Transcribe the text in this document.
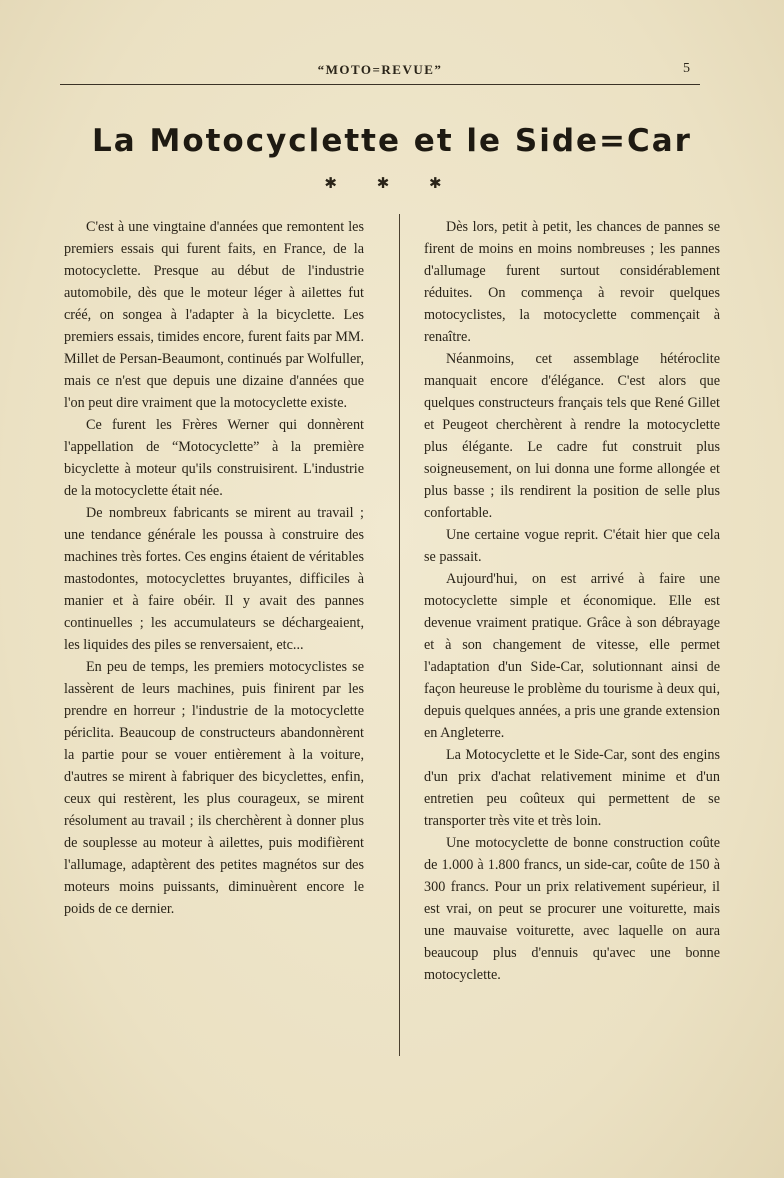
“MOTO=REVUE”	5
La Motocyclette et le Side=Car
✱ ✱ ✱

C'est à une vingtaine d'années que remontent les premiers essais qui furent faits, en France, de la motocyclette. Presque au début de l'industrie automobile, dès que le moteur léger à ailettes fut créé, on songea à l'adapter à la bicyclette. Les premiers essais, timides encore, furent faits par MM. Millet de Persan-Beaumont, continués par Wolfuller, mais ce n'est que depuis une dizaine d'années que l'on peut dire vraiment que la motocyclette existe.

Ce furent les Frères Werner qui donnèrent l'appellation de “Motocyclette” à la première bicyclette à moteur qu'ils construisirent. L'industrie de la motocyclette était née.

De nombreux fabricants se mirent au travail ; une tendance générale les poussa à construire des machines très fortes. Ces engins étaient de véritables mastodontes, motocyclettes bruyantes, difficiles à manier et à faire obéir. Il y avait des pannes continuelles ; les accumulateurs se déchargeaient, les liquides des piles se renversaient, etc...

En peu de temps, les premiers motocyclistes se lassèrent de leurs machines, puis finirent par les prendre en horreur ; l'industrie de la motocyclette périclita. Beaucoup de constructeurs abandonnèrent la partie pour se vouer entièrement à la voiture, d'autres se mirent à fabriquer des bicyclettes, enfin, ceux qui restèrent, les plus courageux, se mirent résolument au travail ; ils cherchèrent à donner plus de souplesse au moteur à ailettes, puis modifièrent l'allumage, adaptèrent des petites magnétos sur des moteurs moins puissants, diminuèrent encore le poids de ce dernier.

Dès lors, petit à petit, les chances de pannes se firent de moins en moins nombreuses ; les pannes d'allumage furent surtout considérablement réduites. On commença à revoir quelques motocyclistes, la motocyclette commençait à renaître.

Néanmoins, cet assemblage hétéroclite manquait encore d'élégance. C'est alors que quelques constructeurs français tels que René Gillet et Peugeot cherchèrent à rendre la motocyclette plus élégante. Le cadre fut construit plus soigneusement, on lui donna une forme allongée et plus basse ; ils rendirent la position de selle plus confortable.

Une certaine vogue reprit. C'était hier que cela se passait.

Aujourd'hui, on est arrivé à faire une motocyclette simple et économique. Elle est devenue vraiment pratique. Grâce à son débrayage et à son changement de vitesse, elle permet l'adaptation d'un Side-Car, solutionnant ainsi de façon heureuse le problème du tourisme à deux qui, depuis quelques années, a pris une grande extension en Angleterre.

La Motocyclette et le Side-Car, sont des engins d'un prix d'achat relativement minime et d'un entretien peu coûteux qui permettent de se transporter très vite et très loin.

Une motocyclette de bonne construction coûte de 1.000 à 1.800 francs, un side-car, coûte de 150 à 300 francs. Pour un prix relativement supérieur, il est vrai, on peut se procurer une voiturette, mais une mauvaise voiturette, avec laquelle on aura beaucoup plus d'ennuis qu'avec une bonne motocyclette.
